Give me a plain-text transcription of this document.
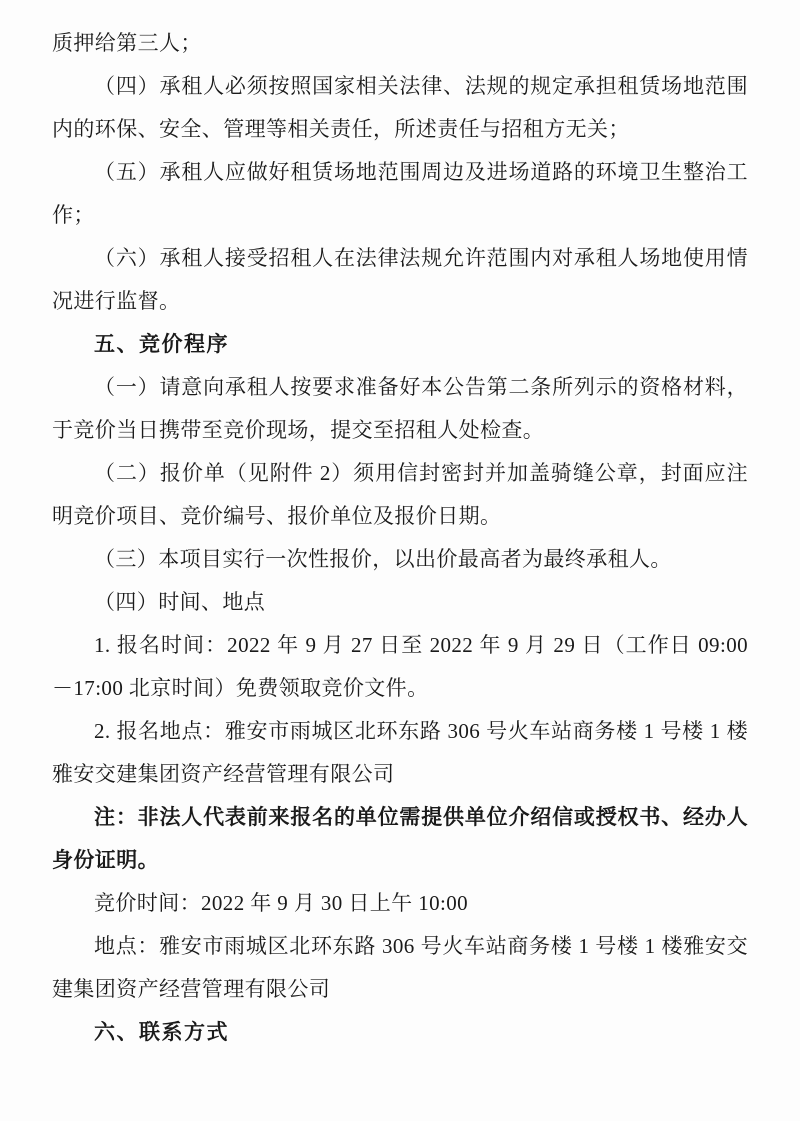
质押给第三人；

（四）承租人必须按照国家相关法律、法规的规定承担租赁场地范围内的环保、安全、管理等相关责任，所述责任与招租方无关；

（五）承租人应做好租赁场地范围周边及进场道路的环境卫生整治工作；

（六）承租人接受招租人在法律法规允许范围内对承租人场地使用情况进行监督。

五、竞价程序

（一）请意向承租人按要求准备好本公告第二条所列示的资格材料，于竞价当日携带至竞价现场，提交至招租人处检查。

（二）报价单（见附件 2）须用信封密封并加盖骑缝公章，封面应注明竞价项目、竞价编号、报价单位及报价日期。

（三）本项目实行一次性报价，以出价最高者为最终承租人。

（四）时间、地点

1. 报名时间：2022 年 9 月 27 日至 2022 年 9 月 29 日（工作日 09:00－17:00 北京时间）免费领取竞价文件。

2. 报名地点：雅安市雨城区北环东路 306 号火车站商务楼 1 号楼 1 楼雅安交建集团资产经营管理有限公司

注：非法人代表前来报名的单位需提供单位介绍信或授权书、经办人身份证明。

竞价时间：2022 年 9 月 30 日上午 10:00

地点：雅安市雨城区北环东路 306 号火车站商务楼 1 号楼 1 楼雅安交建集团资产经营管理有限公司

六、联系方式
